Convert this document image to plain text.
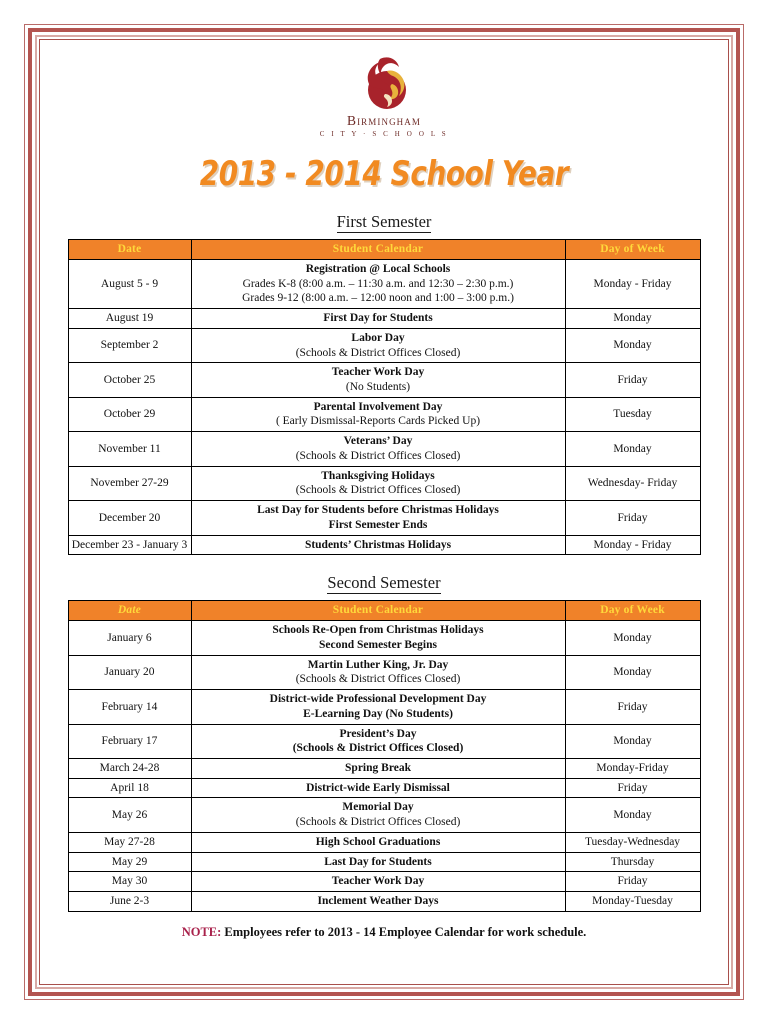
Birmingham
C I T Y · S C H O O L S
2013 - 2014 School Year
First Semester
Date	Student Calendar	Day of Week
August 5 - 9	Registration @ Local Schools
Grades K-8 (8:00 a.m. – 11:30 a.m. and 12:30 – 2:30 p.m.)
Grades 9-12 (8:00 a.m. – 12:00 noon and 1:00 – 3:00 p.m.)	Monday - Friday
August 19	First Day for Students	Monday
September 2	Labor Day
(Schools & District Offices Closed)	Monday
October 25	Teacher Work Day
(No Students)	Friday
October 29	Parental Involvement Day
( Early Dismissal-Reports Cards Picked Up)	Tuesday
November 11	Veterans’ Day
(Schools & District Offices Closed)	Monday
November 27-29	Thanksgiving Holidays
(Schools & District Offices Closed)	Wednesday- Friday
December 20	Last Day for Students before Christmas Holidays
First Semester Ends	Friday
December 23 - January 3	Students’ Christmas Holidays	Monday - Friday
Second Semester
Date	Student Calendar	Day of Week
January 6	Schools Re-Open from Christmas Holidays
Second Semester Begins	Monday
January 20	Martin Luther King, Jr. Day
(Schools & District Offices Closed)	Monday
February 14	District-wide Professional Development Day
E-Learning Day (No Students)	Friday
February 17	President’s Day
(Schools & District Offices Closed)	Monday
March 24-28	Spring Break	Monday-Friday
April 18	District-wide Early Dismissal	Friday
May 26	Memorial Day
(Schools & District Offices Closed)	Monday
May 27-28	High School Graduations	Tuesday-Wednesday
May 29	Last Day for Students	Thursday
May 30	Teacher Work Day	Friday
June 2-3	Inclement Weather Days	Monday-Tuesday
NOTE: Employees refer to 2013 - 14 Employee Calendar for work schedule.
